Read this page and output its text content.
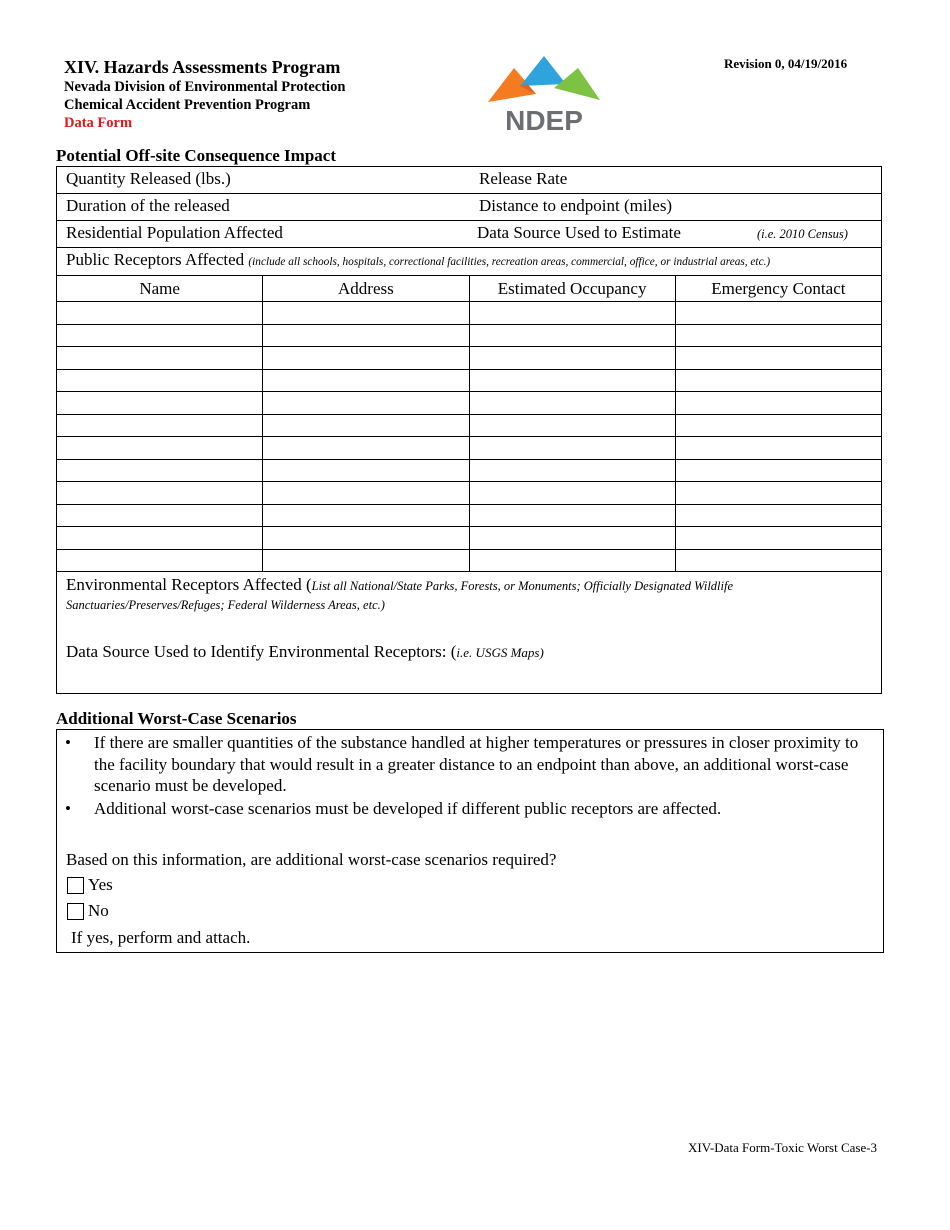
XIV. Hazards Assessments Program
Nevada Division of Environmental Protection
Chemical Accident Prevention Program
Data Form
Revision 0, 04/19/2016
NDEP
Potential Off-site Consequence Impact
Quantity Released (lbs.)	Release Rate
Duration of the released	Distance to endpoint (miles)
Residential Population Affected	Data Source Used to Estimate	(i.e. 2010 Census)
Public Receptors Affected (include all schools, hospitals, correctional facilities, recreation areas, commercial, office, or industrial areas, etc.)
Name	Address	Estimated Occupancy	Emergency Contact

Environmental Receptors Affected (List all National/State Parks, Forests, or Monuments; Officially Designated Wildlife Sanctuaries/Preserves/Refuges; Federal Wilderness Areas, etc.)
Data Source Used to Identify Environmental Receptors: (i.e. USGS Maps)
Additional Worst-Case Scenarios
• If there are smaller quantities of the substance handled at higher temperatures or pressures in closer proximity to the facility boundary that would result in a greater distance to an endpoint than above, an additional worst-case scenario must be developed.
• Additional worst-case scenarios must be developed if different public receptors are affected.
Based on this information, are additional worst-case scenarios required?
Yes
No
If yes, perform and attach.
XIV-Data Form-Toxic Worst Case-3
